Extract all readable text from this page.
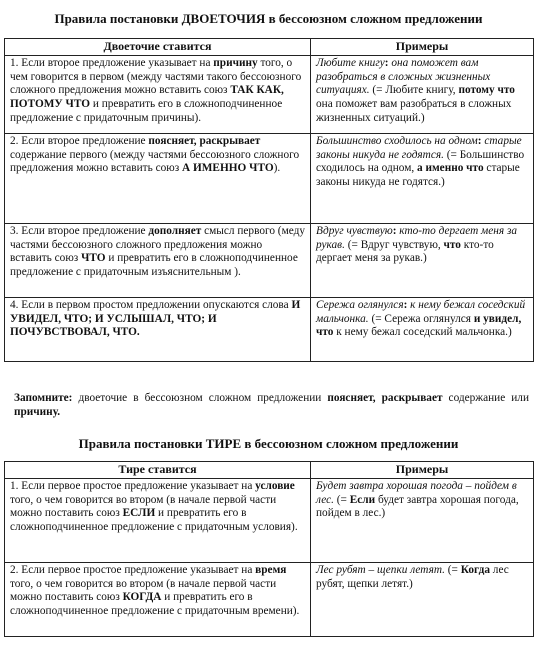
Правила постановки ДВОЕТОЧИЯ в бессоюзном сложном предложении
Двоеточие ставится	Примеры
1. Если второе предложение указывает на причину того, о чем говорится в первом (между частями такого бессоюзного сложного предложения можно вставить союз ТАК КАК, ПОТОМУ ЧТО и превратить его в сложноподчиненное предложение с придаточным причины).	Любите книгу: она поможет вам разобраться в сложных жизненных ситуациях. (= Любите книгу, потому что она поможет вам разобраться в сложных жизненных ситуаций.)
2. Если второе предложение поясняет, раскрывает содержание первого (между частями бессоюзного сложного предложения можно вставить союз А ИМЕННО ЧТО).	Большинство сходилось на одном: старые законы никуда не годятся. (= Большинство сходилось на одном, а именно что старые законы никуда не годятся.)
3. Если второе предложение дополняет смысл первого (меду частями бессоюзного сложного предложения можно вставить союз ЧТО и превратить его в сложноподчиненное предложение с придаточным изъяснительным ).	Вдруг чувствую: кто-то дергает меня за рукав. (= Вдруг чувствую, что кто-то дергает меня за рукав.)
4. Если в первом простом предложении опускаются слова И УВИДЕЛ, ЧТО; И УСЛЫШАЛ, ЧТО; И ПОЧУВСТВОВАЛ, ЧТО.	Сережа оглянулся: к нему бежал соседский мальчонка. (= Сережа оглянулся и увидел, что к нему бежал соседский мальчонка.)
Запомните: двоеточие в бессоюзном сложном предложении поясняет, раскрывает содержание или причину.
Правила постановки ТИРЕ в бессоюзном сложном предложении
Тире ставится	Примеры
1. Если первое простое предложение указывает на условие того, о чем говорится во втором (в начале первой части можно поставить союз ЕСЛИ и превратить его в сложноподчиненное предложение с придаточным условия).	Будет завтра хорошая погода – пойдем в лес. (= Если будет завтра хорошая погода, пойдем в лес.)
2. Если первое простое предложение указывает на время того, о чем говорится во втором (в начале первой части можно поставить союз КОГДА и превратить его в сложноподчиненное предложение с придаточным времени).	Лес рубят – щепки летят. (= Когда лес рубят, щепки летят.)
